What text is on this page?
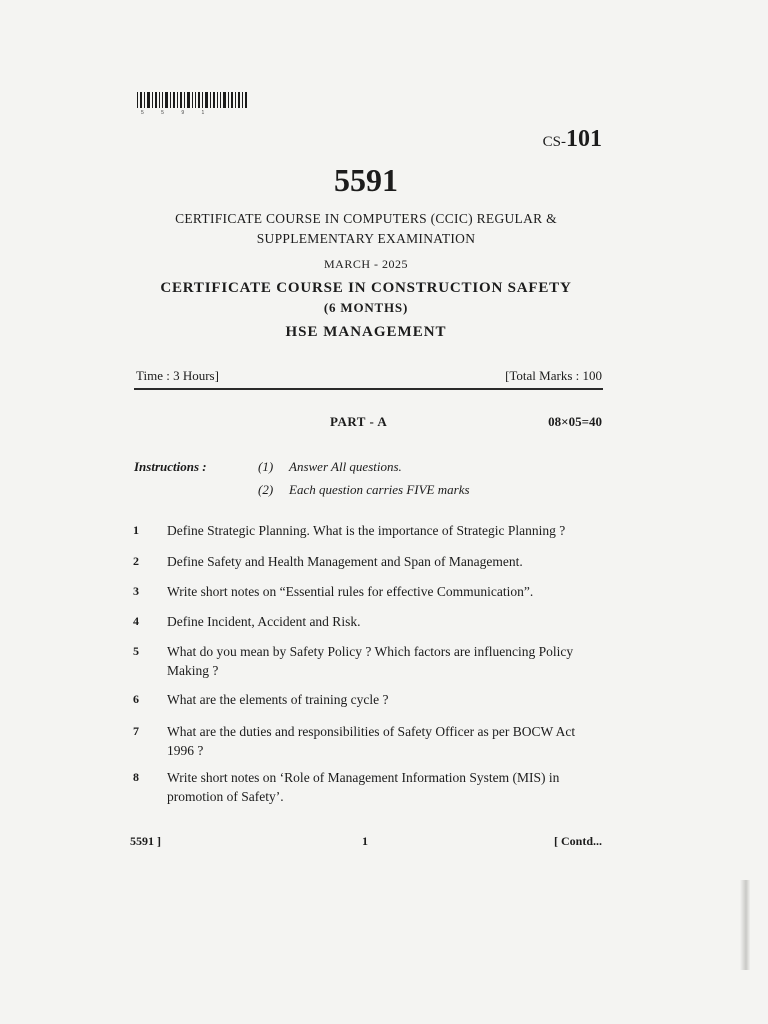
5 5 9 1
CS-101
5591
CERTIFICATE COURSE IN COMPUTERS (CCIC) REGULAR &
SUPPLEMENTARY EXAMINATION
MARCH - 2025
CERTIFICATE COURSE IN CONSTRUCTION SAFETY
(6 MONTHS)
HSE MANAGEMENT
Time : 3 Hours]	[Total Marks : 100
PART - A	08×05=40
Instructions :	(1) Answer All questions.
(2) Each question carries FIVE marks
1	Define Strategic Planning. What is the importance of Strategic Planning ?
2	Define Safety and Health Management and Span of Management.
3	Write short notes on “Essential rules for effective Communication”.
4	Define Incident, Accident and Risk.
5	What do you mean by Safety Policy ? Which factors are influencing Policy Making ?
6	What are the elements of training cycle ?
7	What are the duties and responsibilities of Safety Officer as per BOCW Act 1996 ?
8	Write short notes on ‘Role of Management Information System (MIS) in promotion of Safety’.
5591 ]	1	[ Contd...
